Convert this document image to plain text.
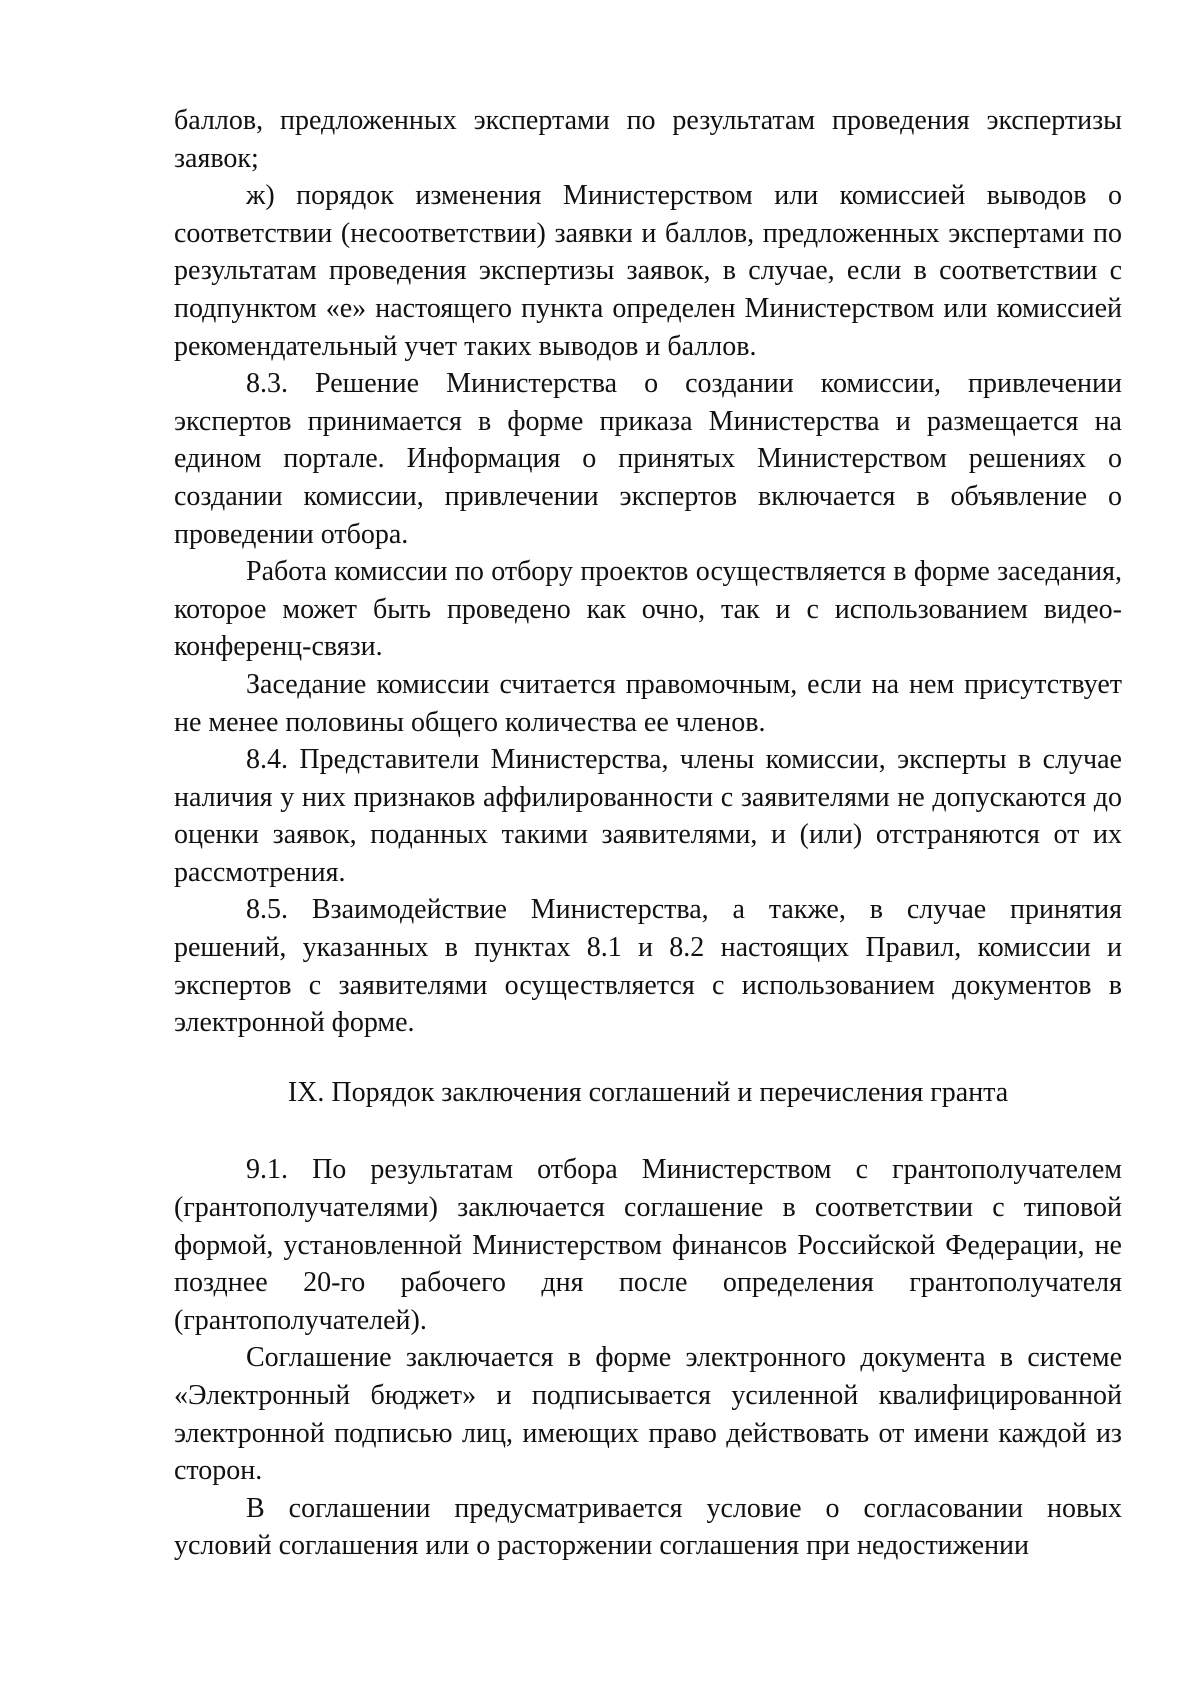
баллов, предложенных экспертами по результатам проведения экспертизы заявок;

ж) порядок изменения Министерством или комиссией выводов о соответствии (несоответствии) заявки и баллов, предложенных экспертами по результатам проведения экспертизы заявок, в случае, если в соответствии с подпунктом «е» настоящего пункта определен Министерством или комиссией рекомендательный учет таких выводов и баллов.

8.3. Решение Министерства о создании комиссии, привлечении экспертов принимается в форме приказа Министерства и размещается на едином портале. Информация о принятых Министерством решениях о создании комиссии, привлечении экспертов включается в объявление о проведении отбора.

Работа комиссии по отбору проектов осуществляется в форме заседания, которое может быть проведено как очно, так и с использованием видео-конференц-связи.

Заседание комиссии считается правомочным, если на нем присутствует не менее половины общего количества ее членов.

8.4. Представители Министерства, члены комиссии, эксперты в случае наличия у них признаков аффилированности с заявителями не допускаются до оценки заявок, поданных такими заявителями, и (или) отстраняются от их рассмотрения.

8.5. Взаимодействие Министерства, а также, в случае принятия решений, указанных в пунктах 8.1 и 8.2 настоящих Правил, комиссии и экспертов с заявителями осуществляется с использованием документов в электронной форме.

IX. Порядок заключения соглашений и перечисления гранта

9.1. По результатам отбора Министерством с грантополучателем (грантополучателями) заключается соглашение в соответствии с типовой формой, установленной Министерством финансов Российской Федерации, не позднее 20-го рабочего дня после определения грантополучателя (грантополучателей).

Соглашение заключается в форме электронного документа в системе «Электронный бюджет» и подписывается усиленной квалифицированной электронной подписью лиц, имеющих право действовать от имени каждой из сторон.

В соглашении предусматривается условие о согласовании новых условий соглашения или о расторжении соглашения при недостижении
